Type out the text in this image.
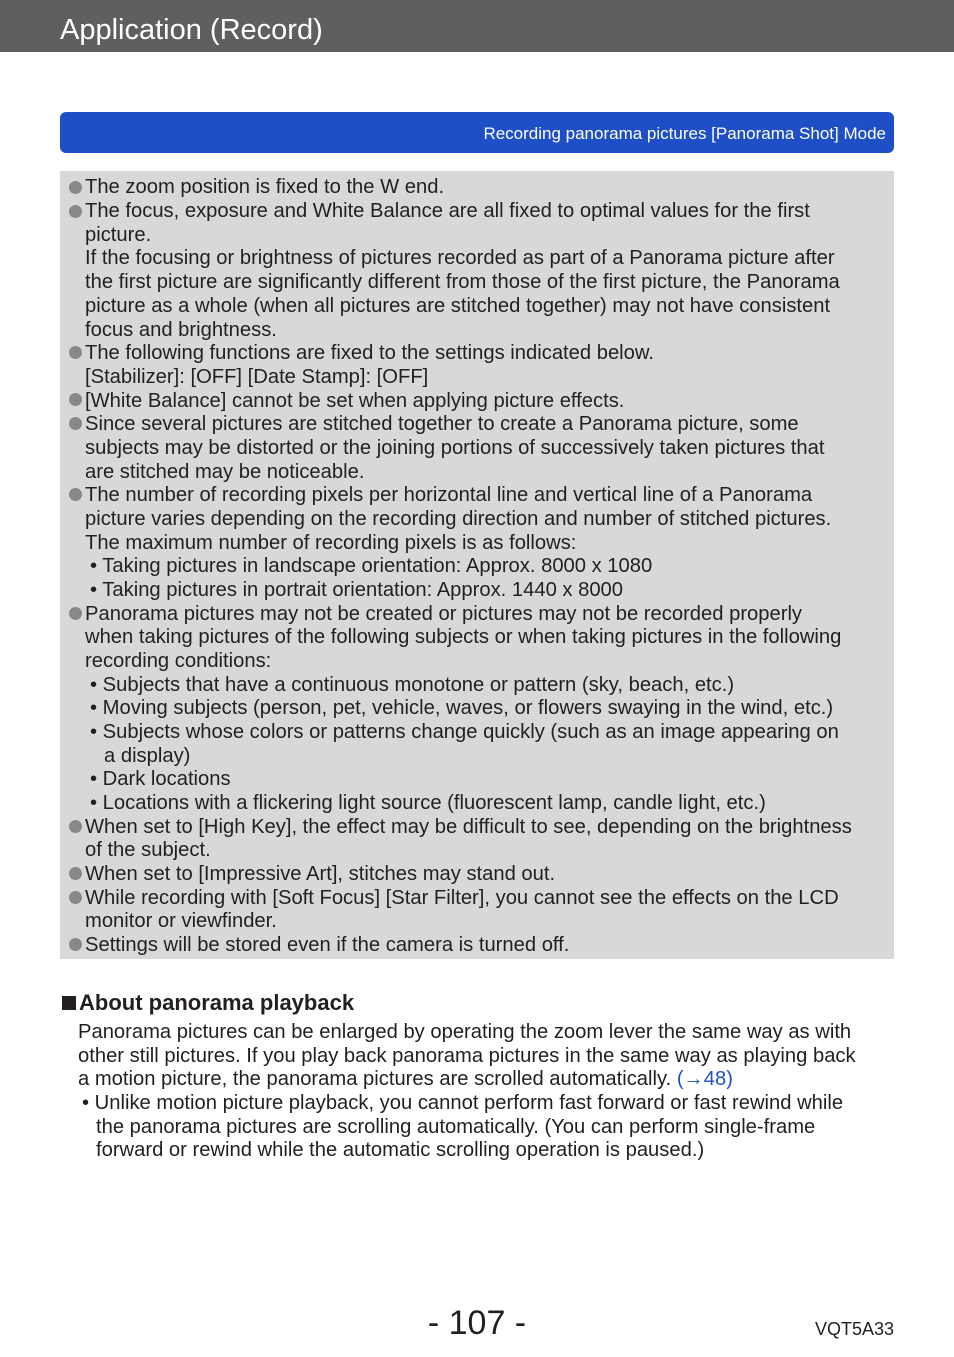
Application (Record)
Recording panorama pictures [Panorama Shot] Mode
The zoom position is fixed to the W end.
The focus, exposure and White Balance are all fixed to optimal values for the first
picture.
If the focusing or brightness of pictures recorded as part of a Panorama picture after
the first picture are significantly different from those of the first picture, the Panorama
picture as a whole (when all pictures are stitched together) may not have consistent
focus and brightness.
The following functions are fixed to the settings indicated below.
[Stabilizer]: [OFF] [Date Stamp]: [OFF]
[White Balance] cannot be set when applying picture effects.
Since several pictures are stitched together to create a Panorama picture, some
subjects may be distorted or the joining portions of successively taken pictures that
are stitched may be noticeable.
The number of recording pixels per horizontal line and vertical line of a Panorama
picture varies depending on the recording direction and number of stitched pictures.
The maximum number of recording pixels is as follows:
• Taking pictures in landscape orientation: Approx. 8000 x 1080
• Taking pictures in portrait orientation: Approx. 1440 x 8000
Panorama pictures may not be created or pictures may not be recorded properly
when taking pictures of the following subjects or when taking pictures in the following
recording conditions:
• Subjects that have a continuous monotone or pattern (sky, beach, etc.)
• Moving subjects (person, pet, vehicle, waves, or flowers swaying in the wind, etc.)
• Subjects whose colors or patterns change quickly (such as an image appearing on
a display)
• Dark locations
• Locations with a flickering light source (fluorescent lamp, candle light, etc.)
When set to [High Key], the effect may be difficult to see, depending on the brightness
of the subject.
When set to [Impressive Art], stitches may stand out.
While recording with [Soft Focus] [Star Filter], you cannot see the effects on the LCD
monitor or viewfinder.
Settings will be stored even if the camera is turned off.
About panorama playback
Panorama pictures can be enlarged by operating the zoom lever the same way as with
other still pictures. If you play back panorama pictures in the same way as playing back
a motion picture, the panorama pictures are scrolled automatically. (→48)
• Unlike motion picture playback, you cannot perform fast forward or fast rewind while
the panorama pictures are scrolling automatically. (You can perform single-frame
forward or rewind while the automatic scrolling operation is paused.)
- 107 -	VQT5A33
